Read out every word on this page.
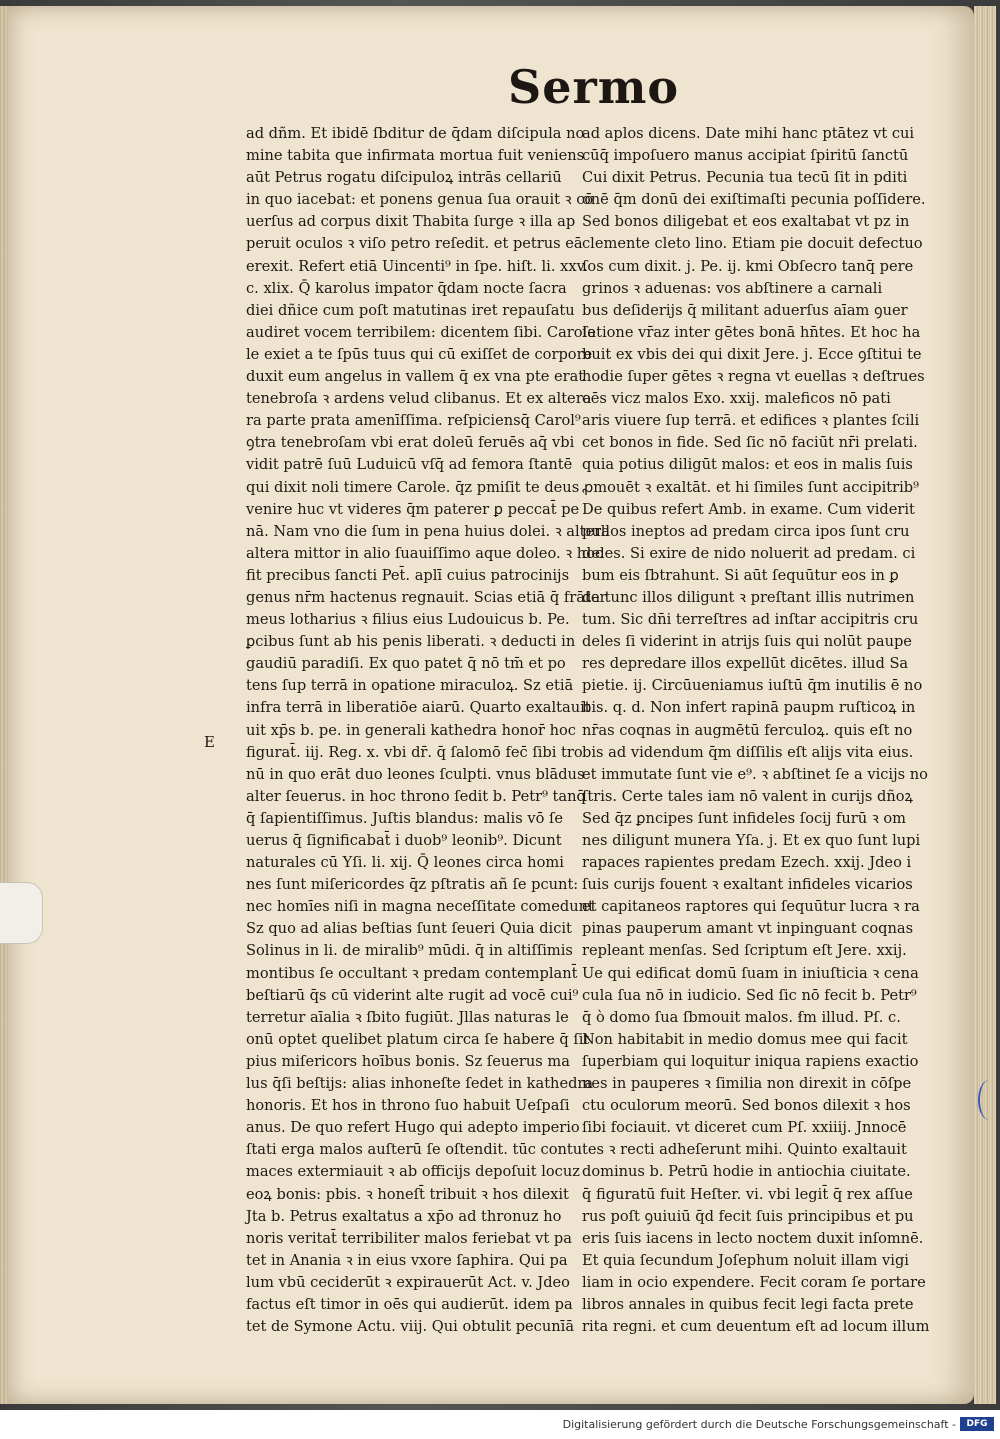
Sermo
E
ad dñm. Et ibidē ſbditur de q̄dam diſcipula no
mine tabita que infirmata mortua fuit veniens
aūt Petrus rogatu diſcipuloꝝ intrās cellariū
in quo iacebat: et ponens genua ſua orauit ꝛ cō
uerſus ad corpus dixit Thabita ſurge ꝛ illa ap
peruit oculos ꝛ viſo petro reſedit. et petrus eā
erexit. Refert etiā Uincenti⁹ in ſpe. hiſt. li. xxv.
c. xlix. Q̄ karolus impator q̄dam nocte ſacra
diei dñice cum poſt matutinas iret repauſatu
audiret vocem terribilem: dicentem ſibi. Carole
le exiet a te ſpūs tuus qui cū exiſſet de corpore
duxit eum angelus in vallem q̄ ex vna pte erat
tenebroſa ꝛ ardens velud clibanus. Et ex altera
ra parte prata amenīſſima. reſpiciensq̄ Carol⁹
ꝯtra tenebroſam vbi erat doleū feruēs aq̄ vbi
vidit patrē ſuū Luduicū vſq̄ ad femora ſtantē
qui dixit noli timere Carole. q̄z pmiſit te deus
venire huc vt videres q̄m paterer ꝑ peccat̄ pe
nā. Nam vno die ſum in pena huius dolei. ꝛ altera
altera mittor in alio ſuauiſſimo aque doleo. ꝛ hoc
fit precibus ſancti Pet̄. aplī cuius patrocinijs
genus nr̄m hactenus regnauit. Scias etiā q̄ frāter
meus lotharius ꝛ filius eius Ludouicus b. Pe.
ꝑcibus ſunt ab his penis liberati. ꝛ deducti in
gaudiū paradiſi. Ex quo patet q̄ nō tm̄ et po
tens ſup terrā in opatione miraculoꝝ. Sz etiā
infra terrā in liberatiōe aiarū. Quarto exaltauit
uit xp̄s b. pe. in generali kathedra honor̄ hoc
figurat̄. iij. Reg. x. vbi dr̄. q̄ ſalomō fec̄ ſibi tro
nū in quo erāt duo leones ſculpti. vnus blādus
alter ſeuerus. in hoc throno ſedit b. Petr⁹ tanq̄
q̄ ſapientiſſimus. Juſtis blandus: malis vō ſe
uerus q̄ ſignificabat̄ i duob⁹ leonib⁹. Dicunt
naturales cū Yſi. li. xij. Q̄ leones circa homi
nes ſunt miſericordes q̄z pſtratis añ ſe pcunt:
nec homīes niſi in magna neceſſitate comedunt
Sz quo ad alias beſtias ſunt ſeueri Quia dicit
Solinus in li. de miralib⁹ mūdi. q̄ in altiſſimis
montibus ſe occultant ꝛ predam contemplant̄
beſtiarū q̄s cū viderint alte rugit ad vocē cui⁹
terretur aīalia ꝛ ſbito fugiūt. Jllas naturas le
onū optet quelibet platum circa ſe habere q̄ ſit
pius miſericors hoībus bonis. Sz ſeuerus ma
lus q̄ſi beſtijs: alias inhoneſte ſedet in kathedra
honoris. Et hos in throno ſuo habuit Ueſpaſi
anus. De quo refert Hugo qui adepto imperio
ſtati erga malos auſterū ſe oſtendit. tūc contu
maces extermiauit ꝛ ab officijs depoſuit locuz
eoꝝ bonis: pbis. ꝛ honeſt̄ tribuit ꝛ hos dilexit
Jta b. Petrus exaltatus a xp̄o ad thronuz ho
noris veritat̄ terribiliter malos feriebat vt pa
tet in Anania ꝛ in eius vxore ſaphira. Qui pa
lum vbū ceciderūt ꝛ expirauerūt Act. v. Jdeo
factus eſt timor in oēs qui audierūt. idem pa
tet de Symone Actu. viij. Qui obtulit pecunīā
ad aplos dicens. Date mihi hanc ptātez vt cui
cūq̄ impoſuero manus accipiat ſpiritū ſanctū
Cui dixit Petrus. Pecunia tua tecū ſit in pditi
onē q̄m donū dei exiſtimaſti pecunia poſſidere.
Sed bonos diligebat et eos exaltabat vt pz in
clemente cleto lino. Etiam pie docuit defectuo
ſos cum dixit. j. Pe. ij. kmi Obſecro tanq̄ pere
grinos ꝛ aduenas: vos abſtinere a carnali
bus deſiderijs q̄ militant aduerſus aīam ꝯuer
ſatione vr̄az inter gētes bonā hn̄tes. Et hoc ha
buit ex vbis dei qui dixit Jere. j. Ecce ꝯſtitui te
hodie ſuper gētes ꝛ regna vt euellas ꝛ deſtrues
oēs vicz malos Exo. xxij. maleficos nō pati
aris viuere ſup terrā. et edifices ꝛ plantes ſcili
cet bonos in fide. Sed ſic nō faciūt nr̄i prelati.
quia potius diligūt malos: et eos in malis ſuis
ꝓmouēt ꝛ exaltāt. et hi ſimiles ſunt accipitrib⁹
De quibus refert Amb. in exame. Cum viderit
pullos ineptos ad predam circa ipos ſunt cru
deles. Si exire de nido noluerit ad predam. ci
bum eis ſbtrahunt. Si aūt ſequūtur eos in ꝑ
da tunc illos diligunt ꝛ preſtant illis nutrimen
tum. Sic dn̄i terreſtres ad inſtar accipitris cru
deles ſi viderint in atrijs ſuis qui nolūt paupe
res depredare illos expellūt dicētes. illud Sa
pietie. ij. Circūueniamus iuſtū q̄m inutilis ē no
bis. q. d. Non infert rapinā paupm ruſticoꝝ in
nr̄as coqnas in augmētū ferculoꝝ. quis eſt no
bis ad videndum q̄m diſſilis eſt alijs vita eius.
et immutate ſunt vie e⁹. ꝛ abſtinet ſe a vicijs no
ſtris. Certe tales iam nō valent in curijs dñoꝝ
Sed q̄z ꝑncipes ſunt infideles ſocij furū ꝛ om
nes diligunt munera Yſa. j. Et ex quo ſunt lupi
rapaces rapientes predam Ezech. xxij. Jdeo i
ſuis curijs fouent ꝛ exaltant infideles vicarios
et capitaneos raptores qui ſequūtur lucra ꝛ ra
pinas pauperum amant vt inpinguant coqnas
repleant menſas. Sed ſcriptum eſt Jere. xxij.
Ue qui edificat domū ſuam in iniuſticia ꝛ cena
cula ſua nō in iudicio. Sed ſic nō fecit b. Petr⁹
q̄ ò domo ſua ſbmouit malos. ẜm illud. Pſ. c.
Non habitabit in medio domus mee qui facit
ſuperbiam qui loquitur iniqua rapiens exactio
nes in pauperes ꝛ ſimilia non direxit in cōſpe
ctu oculorum meorū. Sed bonos dilexit ꝛ hos
ſibi fociauit. vt diceret cum Pſ. xxiiij. Jnnocē
tes ꝛ recti adheſerunt mihi. Quinto exaltauit
dominus b. Petrū hodie in antiochia ciuitate.
q̄ figuratū fuit Heſter. vi. vbi legit̄ q̄ rex aſſue
rus poſt ꝯuiuiū q̄d fecit ſuis principibus et pu
eris ſuis iacens in lecto noctem duxit inſomnē.
Et quia ſecundum Joſephum noluit illam vigi
liam in ocio expendere. Fecit coram ſe portare
libros annales in quibus fecit legi facta prete
rita regni. et cum deuentum eſt ad locum illum
Digitalisierung gefördert durch die Deutsche Forschungsgemeinschaft -	DFG
